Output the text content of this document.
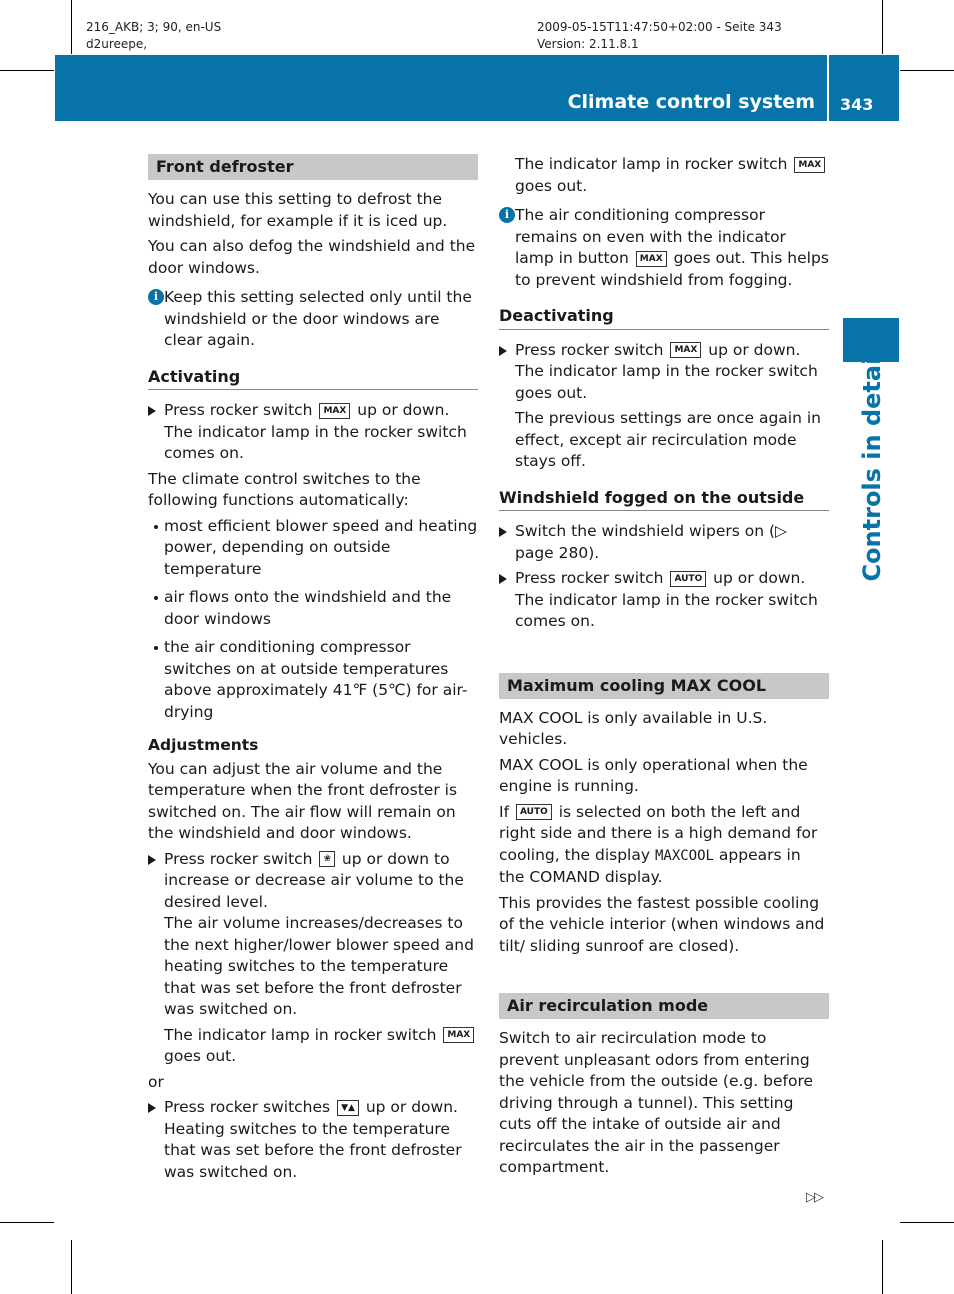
216_AKB; 3; 90, en-US
d2ureepe,
2009-05-15T11:47:50+02:00 - Seite 343
Version: 2.11.8.1
Climate control system 343
Controls in detail
Front defroster

You can use this setting to defrost the windshield, for example if it is iced up.

You can also defog the windshield and the door windows.

i Keep this setting selected only until the windshield or the door windows are clear again.
Activating
Press rocker switch MAX up or down.
The indicator lamp in the rocker switch comes on.

The climate control switches to the following functions automatically:

most efficient blower speed and heating power, depending on outside temperature
air flows onto the windshield and the door windows
the air conditioning compressor switches on at outside temperatures above approximately 41℉ (5℃) for air-drying
Adjustments

You can adjust the air volume and the temperature when the front defroster is switched on. The air flow will remain on the windshield and door windows.

Press rocker switch ❀ up or down to increase or decrease air volume to the desired level.
The air volume increases/decreases to the next higher/lower blower speed and heating switches to the temperature that was set before the front defroster was switched on.
The indicator lamp in rocker switch MAX goes out.

or

Press rocker switches ▼▲ up or down.
Heating switches to the temperature that was set before the front defroster was switched on.
The indicator lamp in rocker switch MAX goes out.
i The air conditioning compressor remains on even with the indicator lamp in button MAX goes out. This helps to prevent windshield from fogging.
Deactivating
Press rocker switch MAX up or down.
The indicator lamp in the rocker switch goes out.
The previous settings are once again in effect, except air recirculation mode stays off.
Windshield fogged on the outside
Switch the windshield wipers on (▷ page 280).
Press rocker switch AUTO up or down.
The indicator lamp in the rocker switch comes on.
Maximum cooling MAX COOL

MAX COOL is only available in U.S. vehicles.

MAX COOL is only operational when the engine is running.

If AUTO is selected on both the left and right side and there is a high demand for cooling, the display MAXCOOL appears in the COMAND display.

This provides the fastest possible cooling of the vehicle interior (when windows and tilt/ sliding sunroof are closed).

Air recirculation mode

Switch to air recirculation mode to prevent unpleasant odors from entering the vehicle from the outside (e.g. before driving through a tunnel). This setting cuts off the intake of outside air and recirculates the air in the passenger compartment.

▷▷
